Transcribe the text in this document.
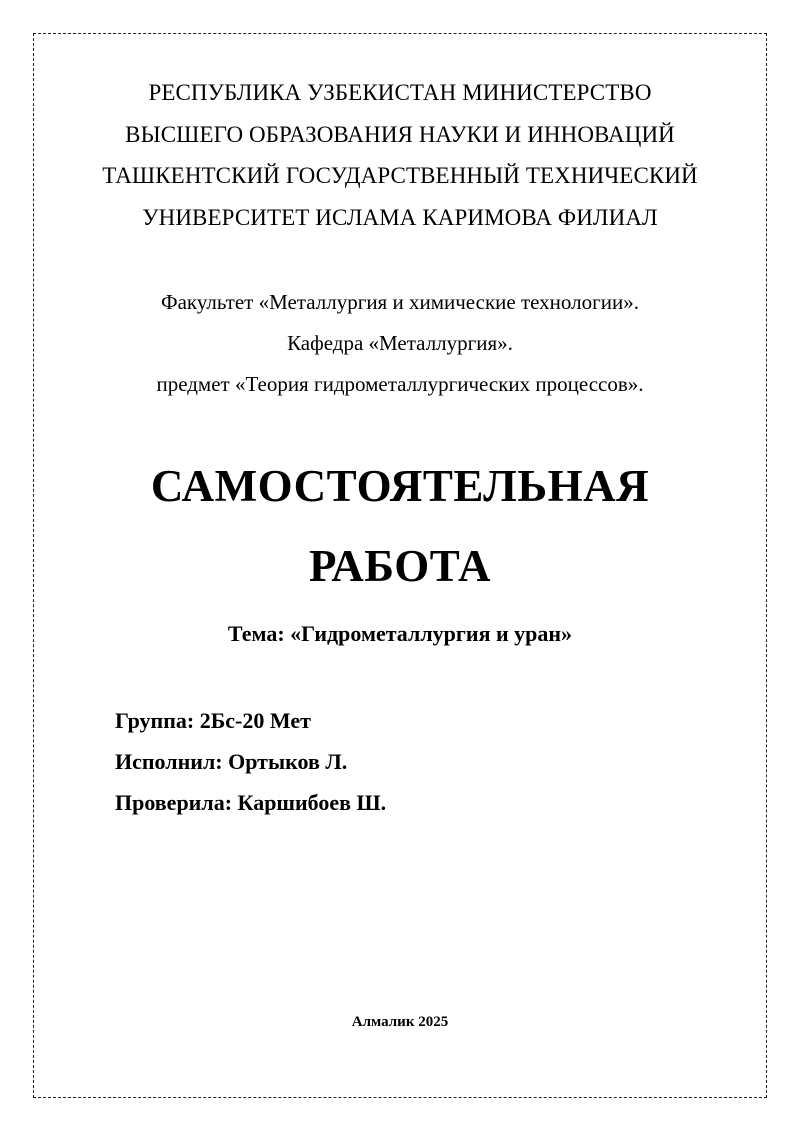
РЕСПУБЛИКА УЗБЕКИСТАН МИНИСТЕРСТВО
ВЫСШЕГО ОБРАЗОВАНИЯ НАУКИ И ИННОВАЦИЙ
ТАШКЕНТСКИЙ ГОСУДАРСТВЕННЫЙ ТЕХНИЧЕСКИЙ
УНИВЕРСИТЕТ ИСЛАМА КАРИМОВА ФИЛИАЛ
Факультет «Металлургия и химические технологии».
Кафедра «Металлургия».
предмет «Теория гидрометаллургических процессов».
САМОСТОЯТЕЛЬНАЯ
РАБОТА
Тема: «Гидрометаллургия и уран»
Группа: 2Бс-20 Мет
Исполнил: Ортыков Л.
Проверила: Каршибоев Ш.
Алмалик 2025
